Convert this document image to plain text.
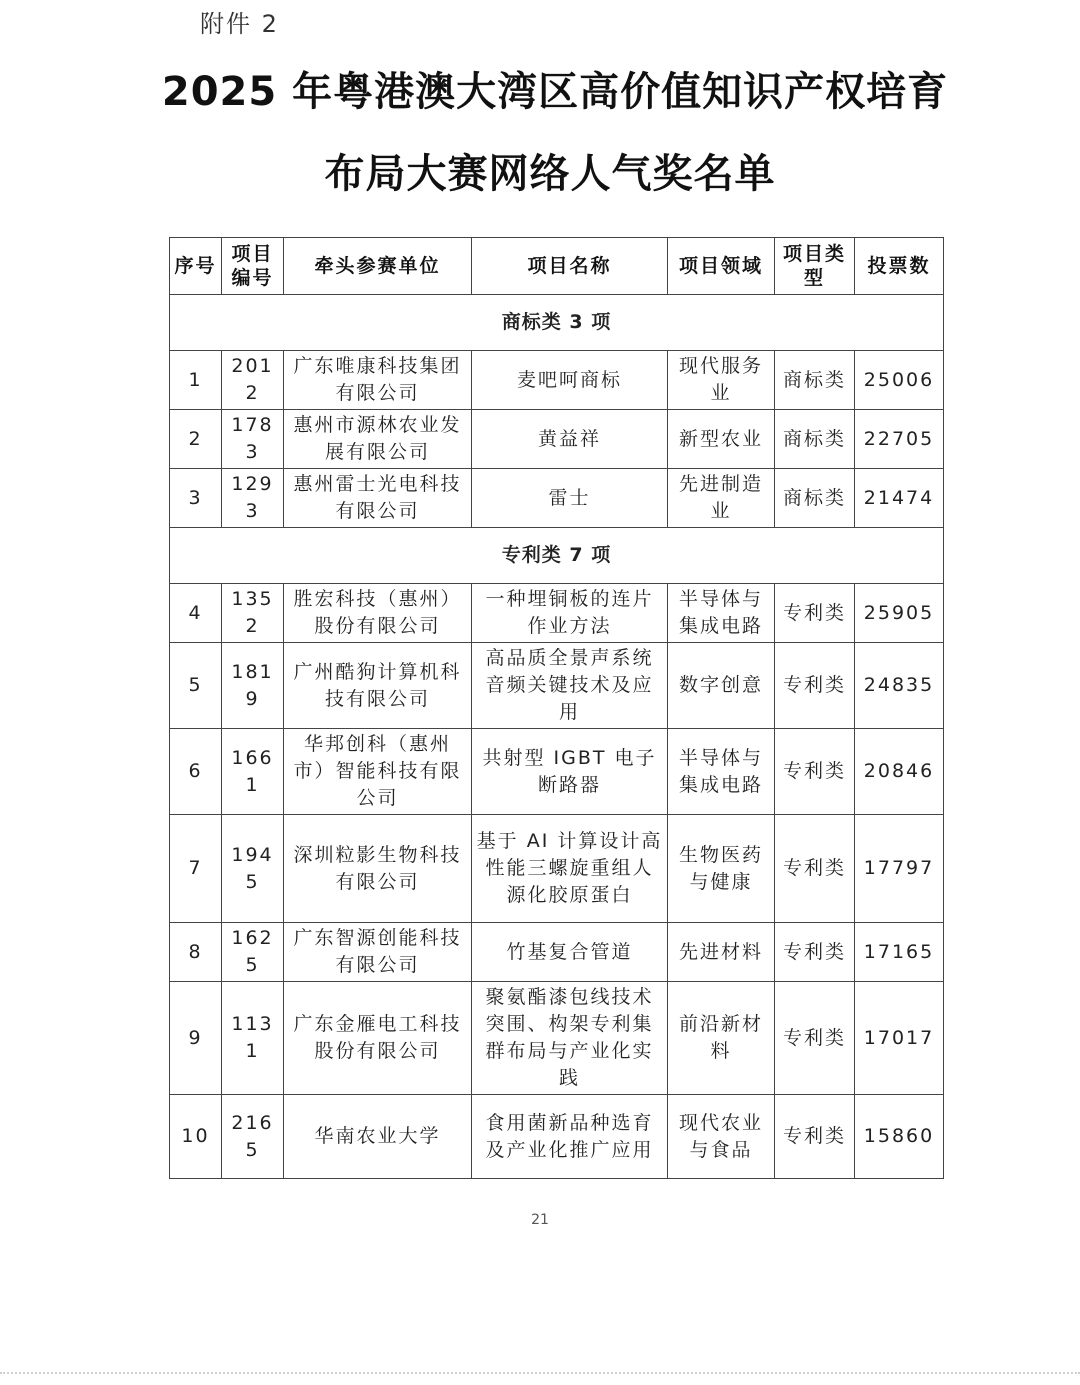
附件 2
2025 年粤港澳大湾区高价值知识产权培育
布局大赛网络人气奖名单
序号	项目编号	牵头参赛单位	项目名称	项目领域	项目类型	投票数
商标类 3 项						
1	2012	广东唯康科技集团有限公司	麦吧呵商标	现代服务业	商标类	25006
2	1783	惠州市源林农业发展有限公司	黄益祥	新型农业	商标类	22705
3	1293	惠州雷士光电科技有限公司	雷士	先进制造业	商标类	21474
专利类 7 项						
4	1352	胜宏科技（惠州）股份有限公司	一种埋铜板的连片作业方法	半导体与集成电路	专利类	25905
5	1819	广州酷狗计算机科技有限公司	高品质全景声系统音频关键技术及应用	数字创意	专利类	24835
6	1661	华邦创科（惠州市）智能科技有限公司	共射型 IGBT 电子断路器	半导体与集成电路	专利类	20846
7	1945	深圳粒影生物科技有限公司	基于 AI 计算设计高性能三螺旋重组人源化胶原蛋白	生物医药与健康	专利类	17797
8	1625	广东智源创能科技有限公司	竹基复合管道	先进材料	专利类	17165
9	1131	广东金雁电工科技股份有限公司	聚氨酯漆包线技术突围、构架专利集群布局与产业化实践	前沿新材料	专利类	17017
10	2165	华南农业大学	食用菌新品种选育及产业化推广应用	现代农业与食品	专利类	15860
21
